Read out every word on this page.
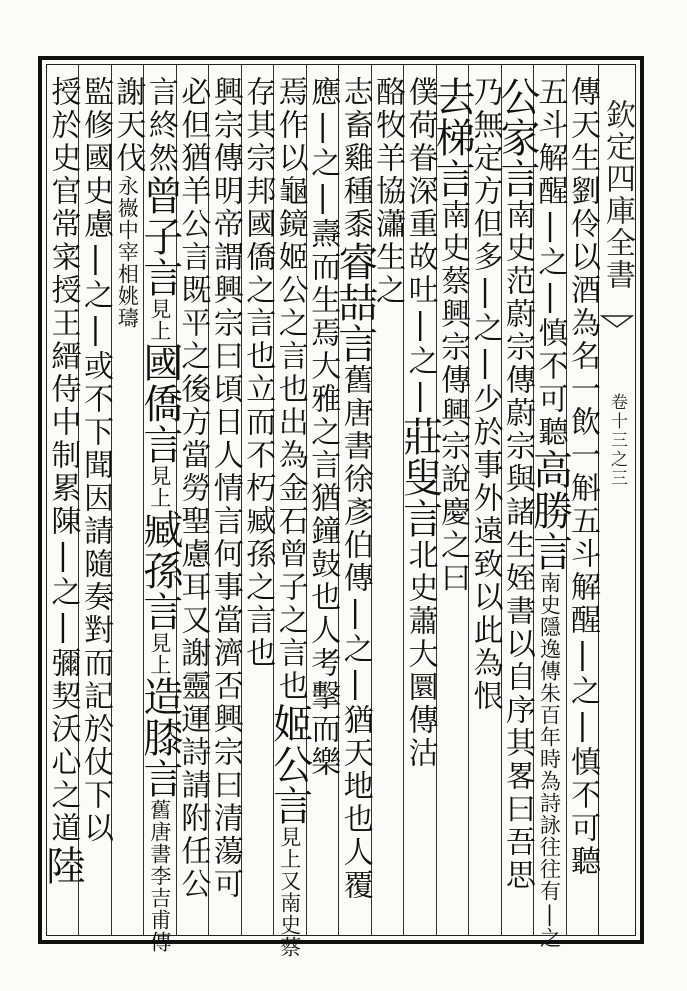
欽定四庫全書
卷十三之三
傳天生劉伶以酒為名一飲一斛五斗解醒|之|慎不可聽
五斗解醒|之|慎不可聽高勝言南史隱逸傳朱百年時為詩詠往往有|之
公家言南史范蔚宗傳蔚宗與諸生姪書以自序其畧曰吾思
乃無定方但多|之|少於事外遠致以此為恨
去梯言南史蔡興宗傳興宗說慶之曰
僕荷眷深重故吐|之|莊叟言北史蕭大圜傳沽
酪牧羊協瀟生之
志畜雞種黍睿喆言舊唐書徐彥伯傳|之|猶天地也人覆
應|之|燾而生焉大雅之言猶鐘鼓也人考擊而樂
焉作以龜鏡姬公之言也出為金石曾子之言也姬公言見上又南史蔡
存其宗邦國僑之言也立而不朽臧孫之言也
興宗傳明帝謂興宗曰頃日人情言何事當濟否興宗曰清蕩可
必但猶羊公言既平之後方當勞聖慮耳又謝靈運詩請附任公
言終然曾子言見上國僑言見上臧孫言見上造膝言舊唐書李吉甫傳
謝天伐永嶶中宰相姚璹
監修國史慮|之|或不下聞因請隨奏對而記於仗下以
授於史官常寀授王縉侍中制累陳|之|彌契沃心之道陸
